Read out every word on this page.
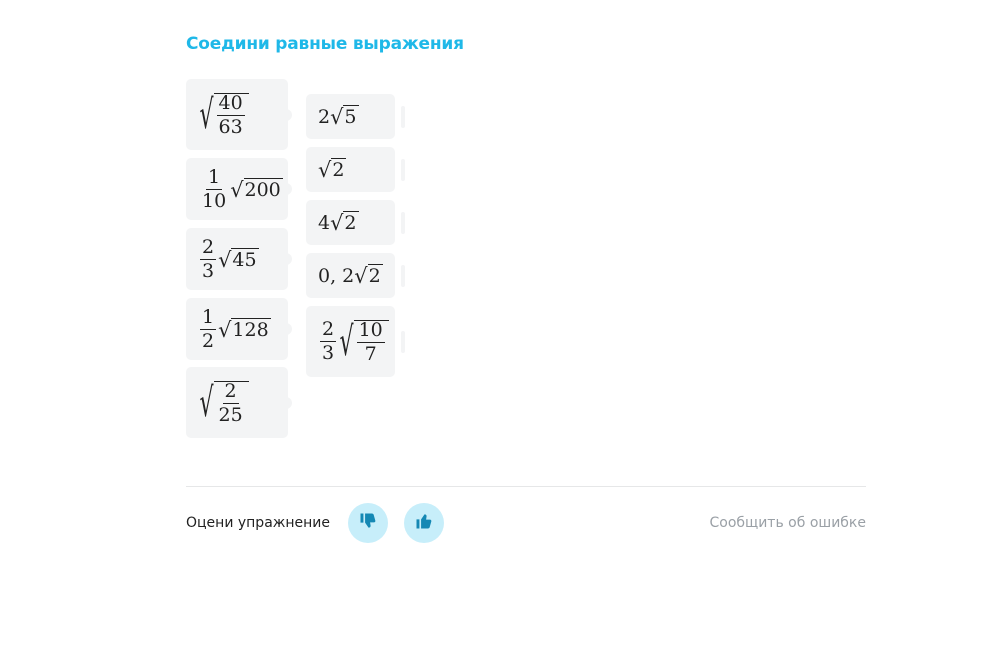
Соедини равные выражения
√ $\frac{40}{63}$
$\frac{1}{10}$ √ 200
$\frac{2}{3}$ √ 45
$\frac{1}{2}$ √ 128
√ $\frac{2}{25}$
2 √ 5
√ 2
4 √ 2
0, 2 √ 2
$\frac{2}{3}$ √ $\frac{10}{7}$
Оцени упражнение	Сообщить об ошибке
